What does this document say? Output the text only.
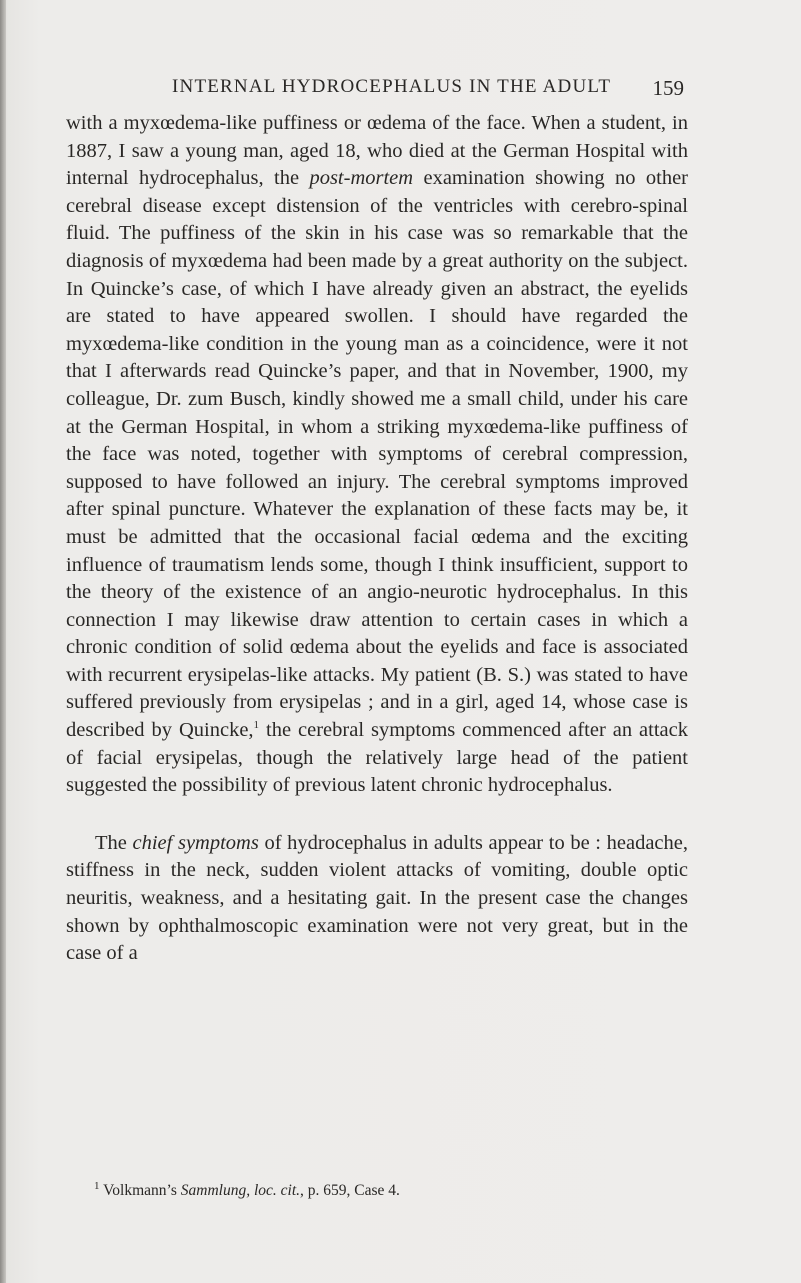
INTERNAL HYDROCEPHALUS IN THE ADULT 159

with a myxœdema-like puffiness or œdema of the face. When a student, in 1887, I saw a young man, aged 18, who died at the German Hospital with internal hydrocephalus, the post-mortem examination showing no other cerebral disease except distension of the ventricles with cerebro-spinal fluid. The puffiness of the skin in his case was so remarkable that the diagnosis of myxœdema had been made by a great authority on the subject. In Quincke’s case, of which I have already given an abstract, the eyelids are stated to have appeared swollen. I should have regarded the myxœdema-like condition in the young man as a coincidence, were it not that I afterwards read Quincke’s paper, and that in November, 1900, my colleague, Dr. zum Busch, kindly showed me a small child, under his care at the German Hospital, in whom a striking myxœdema-like puffiness of the face was noted, together with symptoms of cerebral compression, supposed to have followed an injury. The cerebral symptoms improved after spinal puncture. Whatever the explanation of these facts may be, it must be admitted that the occasional facial œdema and the exciting influence of traumatism lends some, though I think insufficient, support to the theory of the existence of an angio-neurotic hydrocephalus. In this connection I may likewise draw attention to certain cases in which a chronic condition of solid œdema about the eyelids and face is associated with recurrent erysipelas-like attacks. My patient (B. S.) was stated to have suffered previously from erysipelas ; and in a girl, aged 14, whose case is described by Quincke,$^1$ the cerebral symptoms commenced after an attack of facial erysipelas, though the relatively large head of the patient suggested the possibility of previous latent chronic hydrocephalus.

The chief symptoms of hydrocephalus in adults appear to be : headache, stiffness in the neck, sudden violent attacks of vomiting, double optic neuritis, weakness, and a hesitating gait. In the present case the changes shown by ophthalmoscopic examination were not very great, but in the case of a

$^1$ Volkmann’s Sammlung, loc. cit., p. 659, Case 4.
